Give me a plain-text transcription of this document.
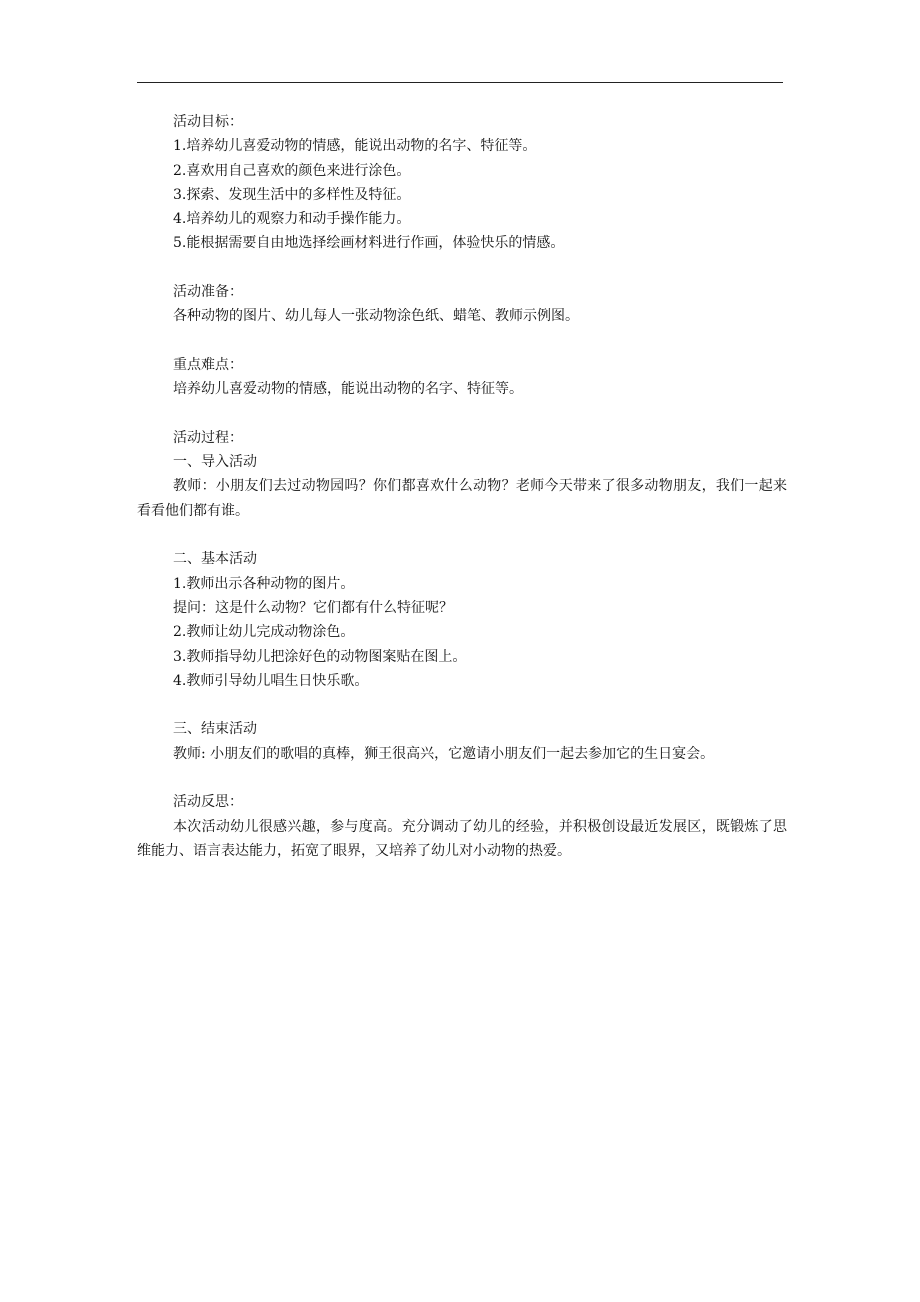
活动目标：
1.培养幼儿喜爱动物的情感，能说出动物的名字、特征等。
2.喜欢用自己喜欢的颜色来进行涂色。
3.探索、发现生活中的多样性及特征。
4.培养幼儿的观察力和动手操作能力。
5.能根据需要自由地选择绘画材料进行作画，体验快乐的情感。
活动准备：
各种动物的图片、幼儿每人一张动物涂色纸、蜡笔、教师示例图。
重点难点：
培养幼儿喜爱动物的情感，能说出动物的名字、特征等。
活动过程：
一、导入活动
教师：小朋友们去过动物园吗？你们都喜欢什么动物？老师今天带来了很多动物朋友，我们一起来看看他们都有谁。
二、基本活动
1.教师出示各种动物的图片。
提问：这是什么动物？它们都有什么特征呢？
2.教师让幼儿完成动物涂色。
3.教师指导幼儿把涂好色的动物图案贴在图上。
4.教师引导幼儿唱生日快乐歌。
三、结束活动
教师: 小朋友们的歌唱的真棒，狮王很高兴，它邀请小朋友们一起去参加它的生日宴会。
活动反思：
本次活动幼儿很感兴趣，参与度高。充分调动了幼儿的经验，并积极创设最近发展区，既锻炼了思维能力、语言表达能力，拓宽了眼界，又培养了幼儿对小动物的热爱。
